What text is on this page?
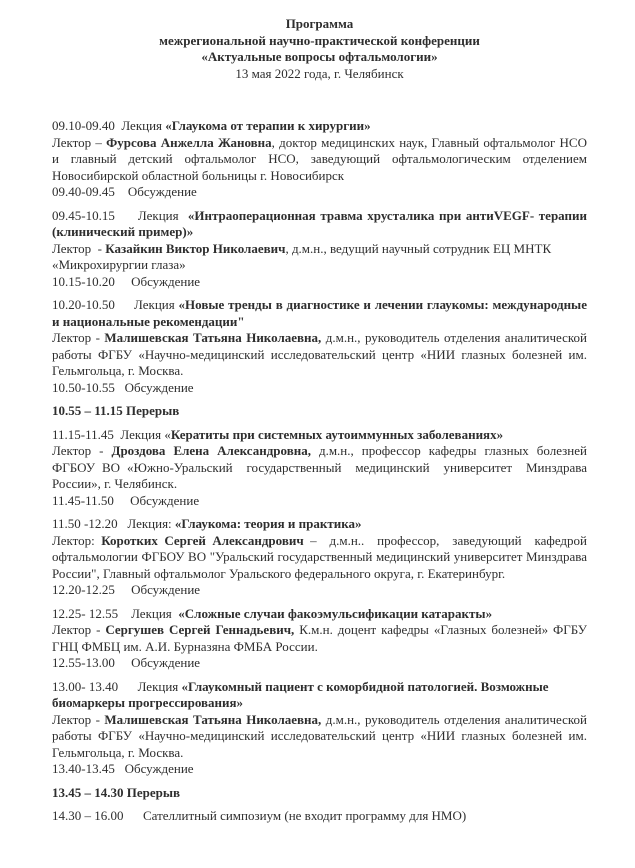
Программа
межрегиональной научно-практической конференции
«Актуальные вопросы офтальмологии»
13 мая 2022 года, г. Челябинск
09.10-09.40  Лекция «Глаукома от терапии к хирургии»
Лектор – Фурсова Анжелла Жановна, доктор медицинских наук, Главный офтальмолог НСО и главный детский офтальмолог НСО, заведующий офтальмологическим отделением Новосибирской областной больницы г. Новосибирск
09.40-09.45    Обсуждение
09.45-10.15     Лекция  «Интраоперационная травма хрусталика при антиVEGF- терапии (клинический пример)»
Лектор  - Казайкин Виктор Николаевич, д.м.н., ведущий научный сотрудник ЕЦ МНТК «Микрохирургии глаза»
10.15-10.20     Обсуждение
10.20-10.50     Лекция «Новые тренды в диагностике и лечении глаукомы: международные и национальные рекомендации"
Лектор - Малишевская Татьяна Николаевна, д.м.н., руководитель отделения аналитической работы ФГБУ «Научно-медицинский исследовательский центр «НИИ глазных болезней им. Гельмгольца, г. Москва.
10.50-10.55   Обсуждение
10.55 – 11.15 Перерыв
11.15-11.45  Лекция «Кератиты при системных аутоиммунных заболеваниях»
Лектор - Дроздова Елена Александровна, д.м.н., профессор кафедры глазных болезней ФГБОУ ВО «Южно-Уральский  государственный  медицинский  университет  Минздрава  России», г. Челябинск.
11.45-11.50     Обсуждение
11.50 -12.20   Лекция: «Глаукома: теория и практика»
Лектор: Коротких Сергей Александрович –  д.м.н..  профессор,  заведующий  кафедрой офтальмологии ФГБОУ ВО "Уральский государственный медицинский университет Минздрава России", Главный офтальмолог Уральского федерального округа, г. Екатеринбург.
12.20-12.25     Обсуждение
12.25- 12.55    Лекция  «Сложные случаи факоэмульсификации катаракты»
Лектор - Сергушев Сергей Геннадьевич, К.м.н. доцент кафедры «Глазных болезней» ФГБУ ГНЦ ФМБЦ им. А.И. Бурназяна ФМБА России.
12.55-13.00     Обсуждение
13.00- 13.40      Лекция «Глаукомный пациент с коморбидной патологией. Возможные
биомаркеры прогрессирования»
Лектор - Малишевская Татьяна Николаевна, д.м.н., руководитель отделения аналитической работы ФГБУ «Научно-медицинский исследовательский центр «НИИ глазных болезней им. Гельмгольца, г. Москва.
13.40-13.45   Обсуждение
13.45 – 14.30 Перерыв
14.30 – 16.00      Сателлитный симпозиум (не входит программу для НМО)
